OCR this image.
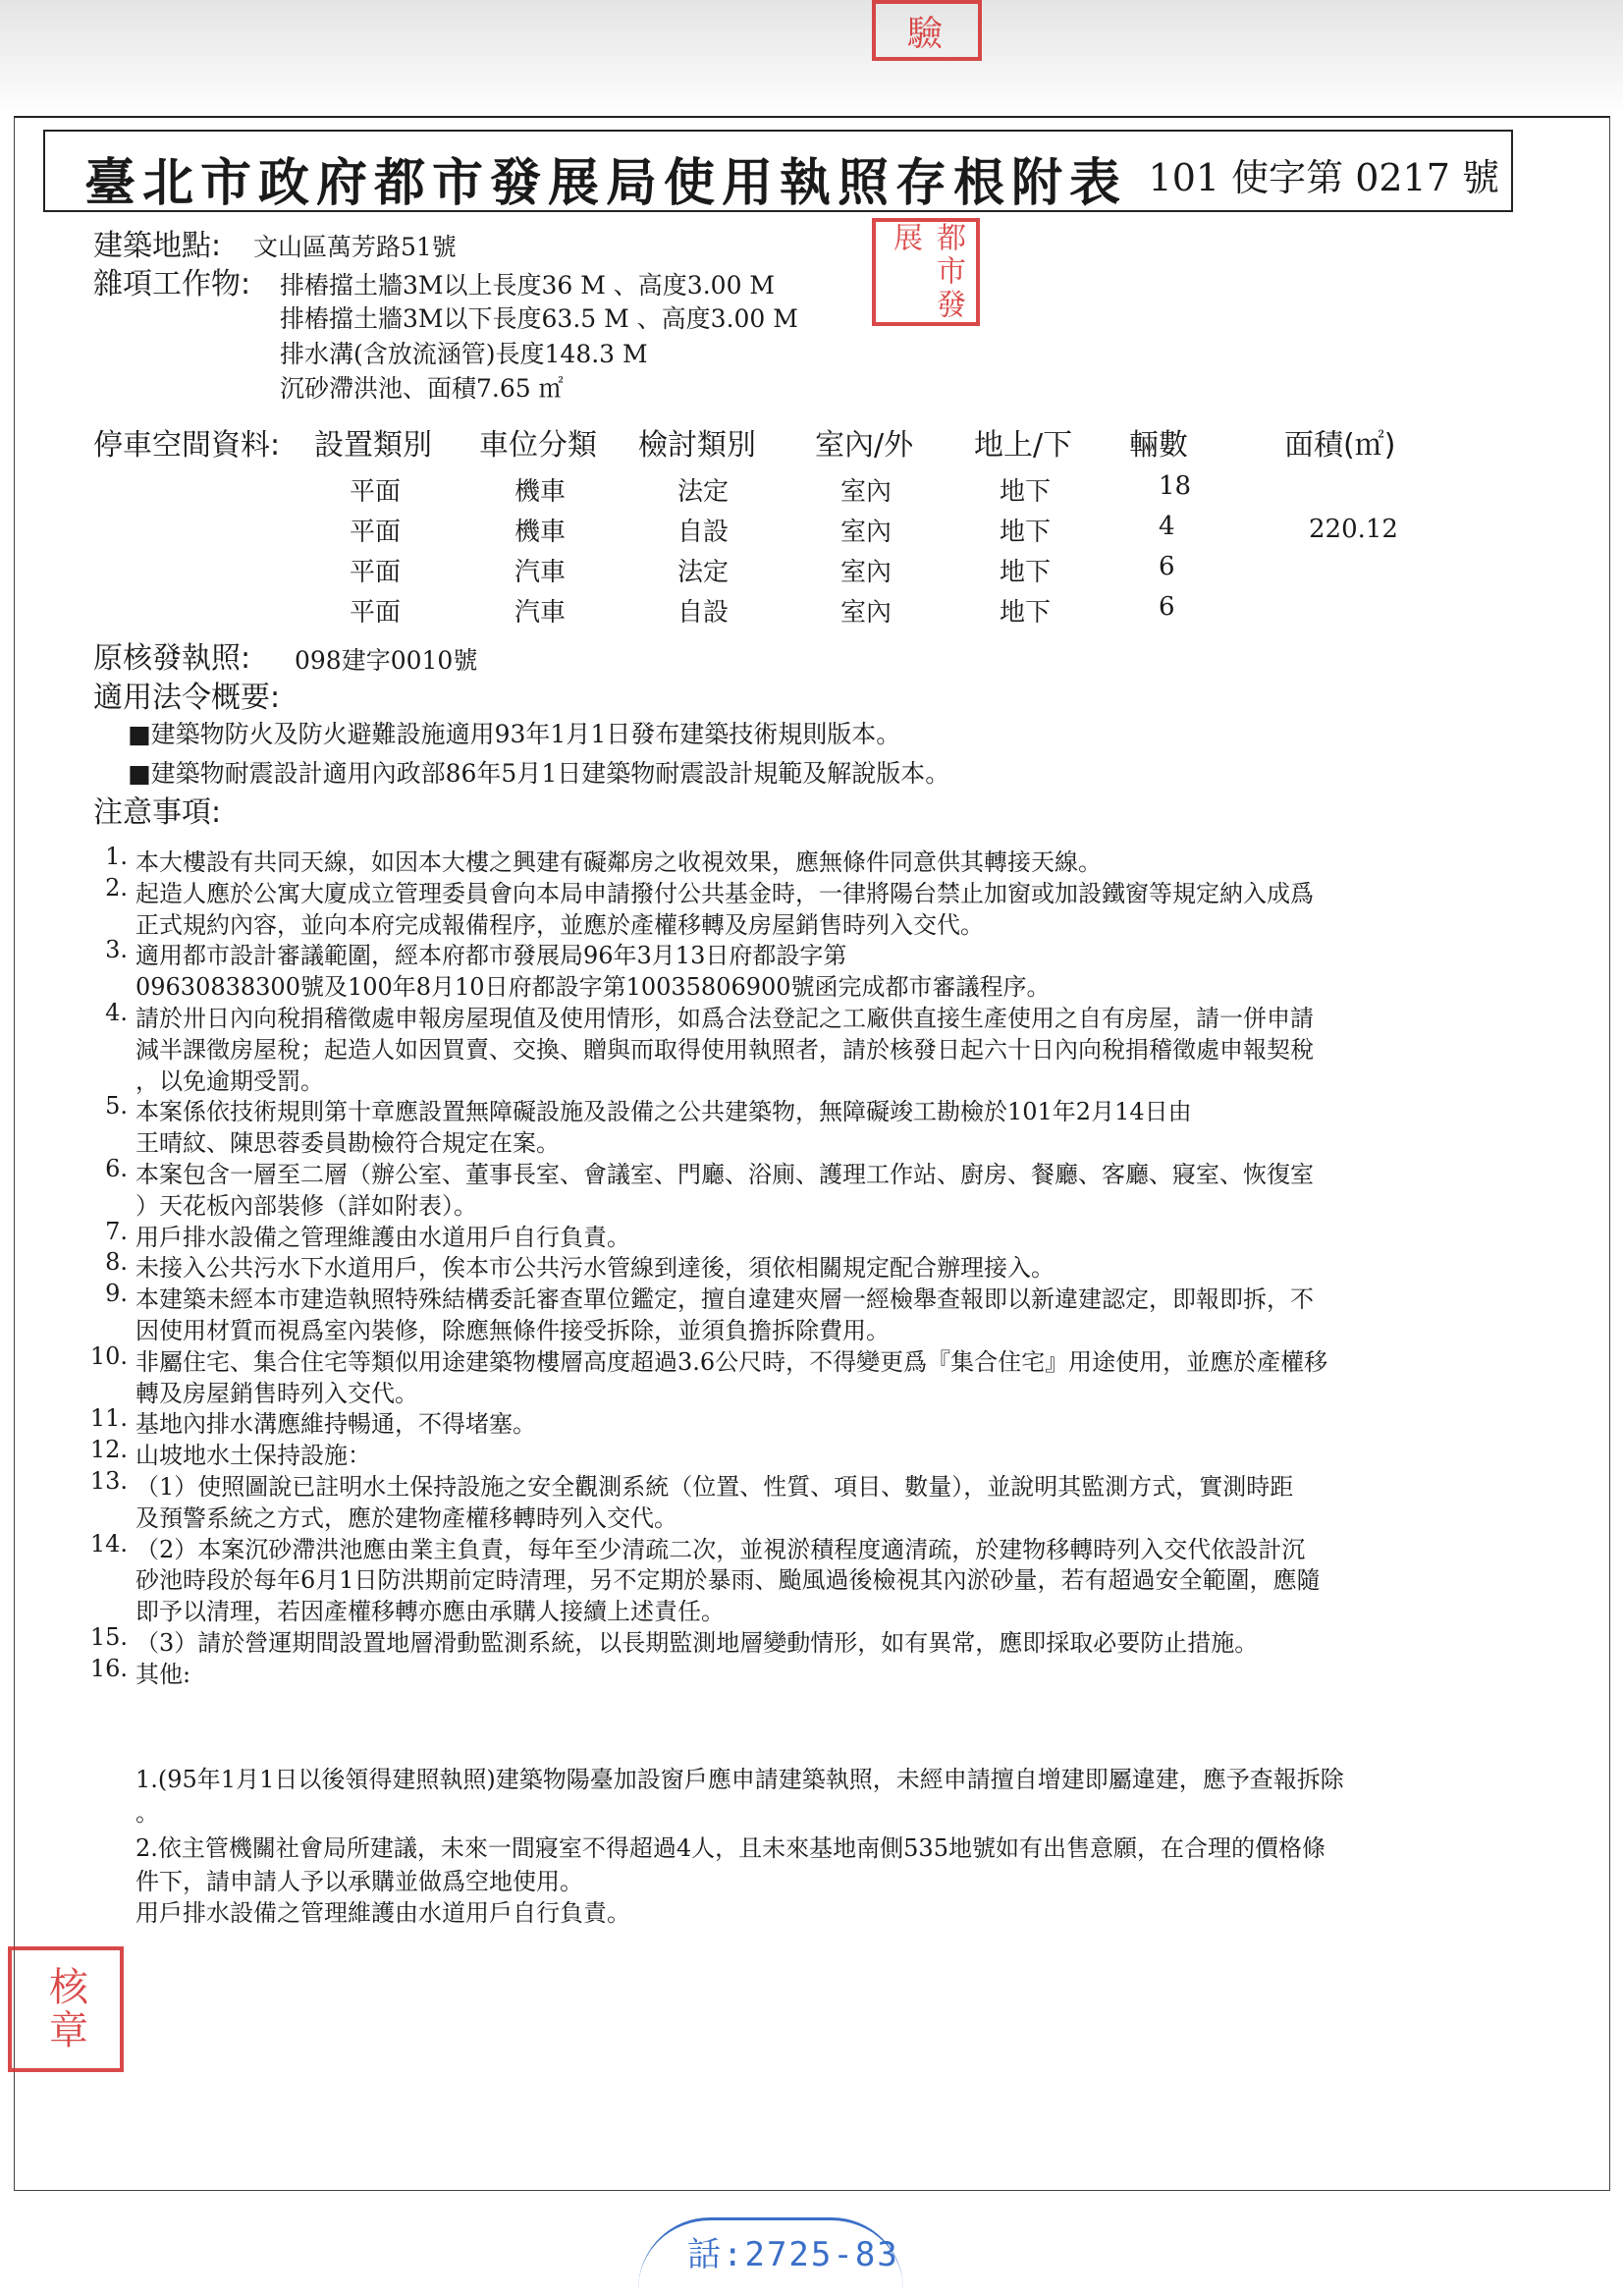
驗
臺北市政府都市發展局使用執照存根附表 101 使字第 0217 號
都市發展
建築地點: 文山區萬芳路51號
雜項工作物: 排樁擋土牆3M以上長度36 M 、高度3.00 M
排樁擋土牆3M以下長度63.5 M 、高度3.00 M
排水溝(含放流涵管)長度148.3 M
沉砂滯洪池、面積7.65 ㎡
停車空間資料: 設置類別 車位分類 檢討類別 室內/外 地上/下 輛數	面積(㎡)
平面	機車	法定	室內	地下	18
平面	機車	自設	室內	地下	4	220.12
平面	汽車	法定	室內	地下	6
平面	汽車	自設	室內	地下	6
原核發執照: 098建字0010號
適用法令概要:
■建築物防火及防火避難設施適用93年1月1日發布建築技術規則版本。
■建築物耐震設計適用內政部86年5月1日建築物耐震設計規範及解說版本。
注意事項:
1. 本大樓設有共同天線，如因本大樓之興建有礙鄰房之收視效果，應無條件同意供其轉接天線。
2. 起造人應於公寓大廈成立管理委員會向本局申請撥付公共基金時，一律將陽台禁止加窗或加設鐵窗等規定納入成爲
正式規約內容，並向本府完成報備程序，並應於產權移轉及房屋銷售時列入交代。
3. 適用都市設計審議範圍，經本府都市發展局96年3月13日府都設字第
09630838300號及100年8月10日府都設字第10035806900號函完成都市審議程序。
4. 請於卅日內向稅捐稽徵處申報房屋現值及使用情形，如爲合法登記之工廠供直接生產使用之自有房屋，請一併申請
減半課徵房屋稅；起造人如因買賣、交換、贈與而取得使用執照者，請於核發日起六十日內向稅捐稽徵處申報契稅
，以免逾期受罰。
5. 本案係依技術規則第十章應設置無障礙設施及設備之公共建築物，無障礙竣工勘檢於101年2月14日由
王晴紋、陳思蓉委員勘檢符合規定在案。
6. 本案包含一層至二層（辦公室、董事長室、會議室、門廳、浴廁、護理工作站、廚房、餐廳、客廳、寢室、恢復室
）天花板內部裝修（詳如附表）。
7. 用戶排水設備之管理維護由水道用戶自行負責。
8. 未接入公共污水下水道用戶，俟本市公共污水管線到達後，須依相關規定配合辦理接入。
9. 本建築未經本市建造執照特殊結構委託審查單位鑑定，擅自違建夾層一經檢舉查報即以新違建認定，即報即拆，不
因使用材質而視爲室內裝修，除應無條件接受拆除，並須負擔拆除費用。
10. 非屬住宅、集合住宅等類似用途建築物樓層高度超過3.6公尺時，不得變更爲『集合住宅』用途使用，並應於產權移
轉及房屋銷售時列入交代。
11. 基地內排水溝應維持暢通，不得堵塞。
12. 山坡地水土保持設施：
13. （1）使照圖說已註明水土保持設施之安全觀測系統（位置、性質、項目、數量），並說明其監測方式，實測時距
及預警系統之方式，應於建物產權移轉時列入交代。
14. （2）本案沉砂滯洪池應由業主負責，每年至少清疏二次，並視淤積程度適清疏，於建物移轉時列入交代依設計沉
砂池時段於每年6月1日防洪期前定時清理，另不定期於暴雨、颱風過後檢視其內淤砂量，若有超過安全範圍，應隨
即予以清理，若因產權移轉亦應由承購人接續上述責任。
15. （3）請於營運期間設置地層滑動監測系統，以長期監測地層變動情形，如有異常，應即採取必要防止措施。
16. 其他:
1.(95年1月1日以後領得建照執照)建築物陽臺加設窗戶應申請建築執照，未經申請擅自增建即屬違建，應予查報拆除
。
2.依主管機關社會局所建議，未來一間寢室不得超過4人，且未來基地南側535地號如有出售意願，在合理的價格條
件下，請申請人予以承購並做爲空地使用。
用戶排水設備之管理維護由水道用戶自行負責。
核章
話:2725-83
